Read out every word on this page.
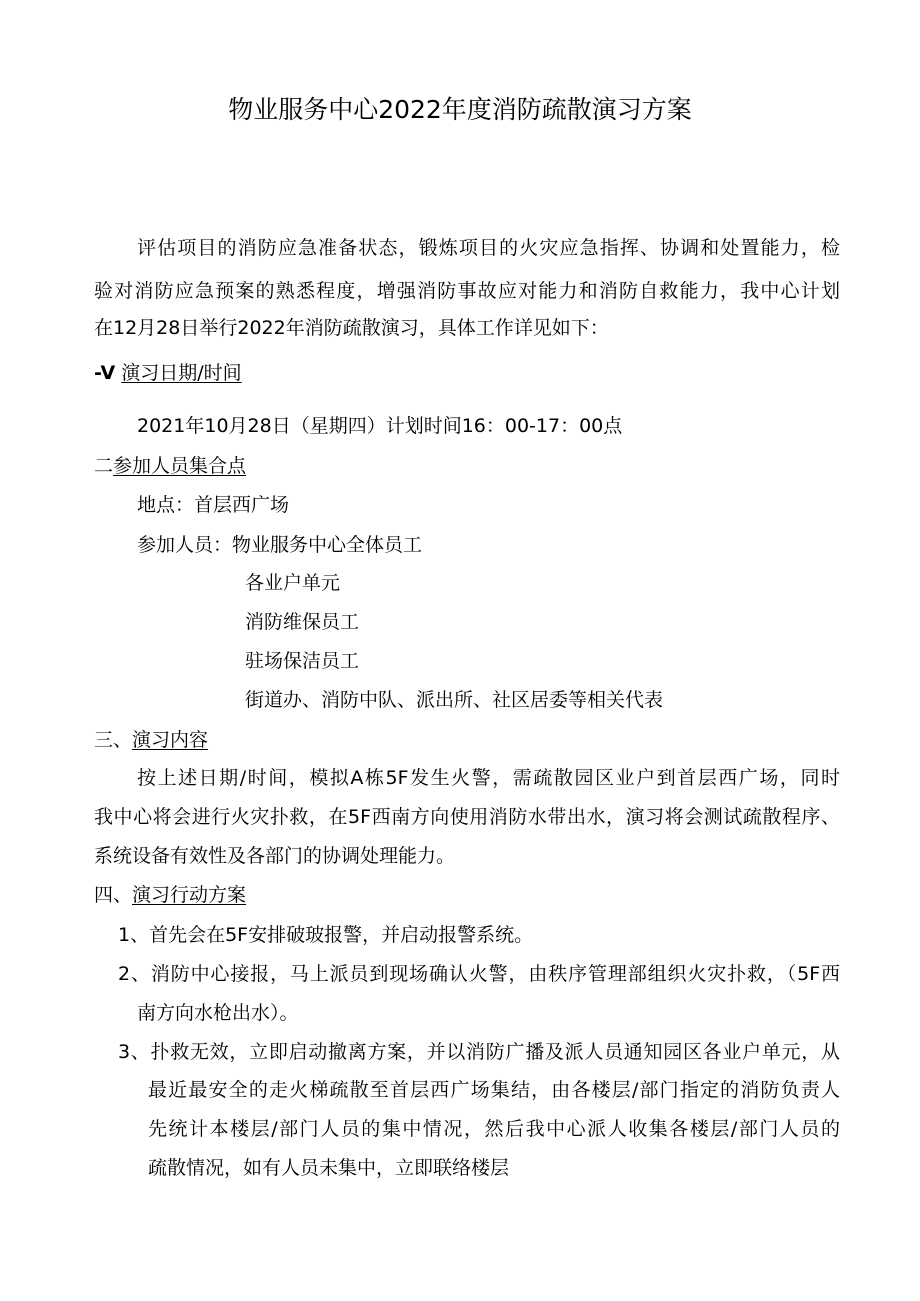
物业服务中心2022年度消防疏散演习方案
评估项目的消防应急准备状态，锻炼项目的火灾应急指挥、协调和处置能力，检
验对消防应急预案的熟悉程度，增强消防事故应对能力和消防自救能力，我中心计划
在12月28日举行2022年消防疏散演习，具体工作详见如下：
-V 演习日期/时间
2021年10月28日（星期四）计划时间16：00-17：00点
二参加人员集合点
地点：首层西广场
参加人员：物业服务中心全体员工
各业户单元
消防维保员工
驻场保洁员工
街道办、消防中队、派出所、社区居委等相关代表
三、演习内容
按上述日期/时间，模拟A栋5F发生火警，需疏散园区业户到首层西广场，同时
我中心将会进行火灾扑救，在5F西南方向使用消防水带出水，演习将会测试疏散程序、
系统设备有效性及各部门的协调处理能力。
四、演习行动方案
1、首先会在5F安排破玻报警，并启动报警系统。
2、消防中心接报，马上派员到现场确认火警，由秩序管理部组织火灾扑救，（5F西
南方向水枪出水）。
3、扑救无效，立即启动撤离方案，并以消防广播及派人员通知园区各业户单元，从
最近最安全的走火梯疏散至首层西广场集结，由各楼层/部门指定的消防负责人
先统计本楼层/部门人员的集中情况，然后我中心派人收集各楼层/部门人员的
疏散情况，如有人员未集中，立即联络楼层
